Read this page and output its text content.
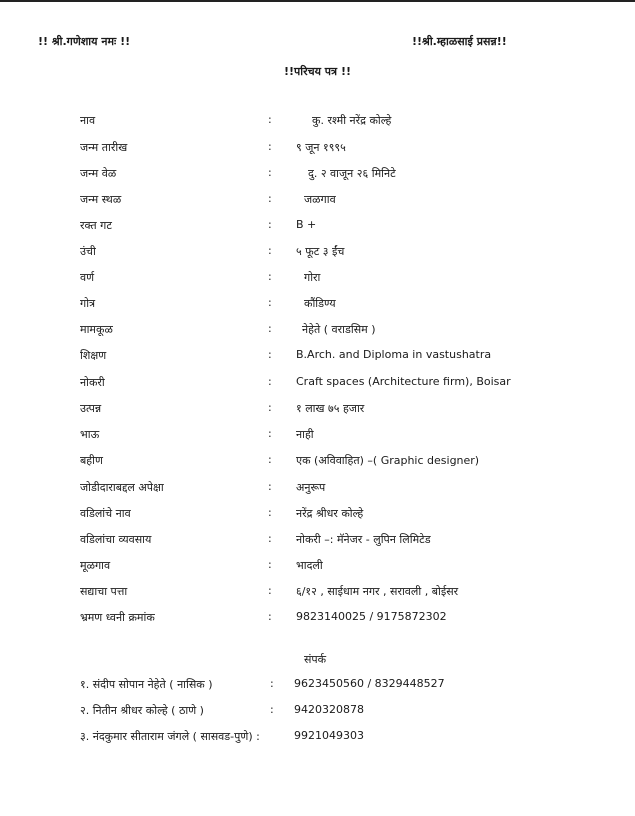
!! श्री.गणेशाय नमः !!	!!श्री.म्हाळसाई प्रसन्न!!
!!परिचय पत्र !!
नाव	:	कु. रश्मी नरेंद्र कोल्हे
जन्म तारीख	: ९ जून १९९५
जन्म वेळ	:	दु. २ वाजून २६ मिनिटे
जन्म स्थळ	:	जळगाव
रक्त गट	: B +
उंची	: ५ फूट ३ ईंच
वर्ण	:	गोरा
गोत्र	:	कौंडिण्य
मामकूळ	:	नेहेते ( वराडसिम )
शिक्षण	: B.Arch. and Diploma in vastushatra
नोकरी	: Craft spaces (Architecture firm), Boisar
उत्पन्न	: १ लाख ७५ हजार
भाऊ	: नाही
बहीण	: एक (अविवाहित) –( Graphic designer)
जोडीदाराबद्दल अपेक्षा	: अनुरूप
वडिलांचे नाव	: नरेंद्र श्रीधर कोल्हे
वडिलांचा व्यवसाय	: नोकरी –: मॅनेजर - लुपिन लिमिटेड
मूळगाव	: भादली
सद्याचा पत्ता	: ६/१२ , साईधाम नगर , सरावली , बोईसर
भ्रमण ध्वनी क्रमांक	: 9823140025 / 9175872302
संपर्क
१. संदीप सोपान नेहेते ( नासिक )	: 9623450560 / 8329448527
२. नितीन श्रीधर कोल्हे ( ठाणे )	: 9420320878
३. नंदकुमार सीताराम जंगले ( सासवड-पुणे) :	9921049303
